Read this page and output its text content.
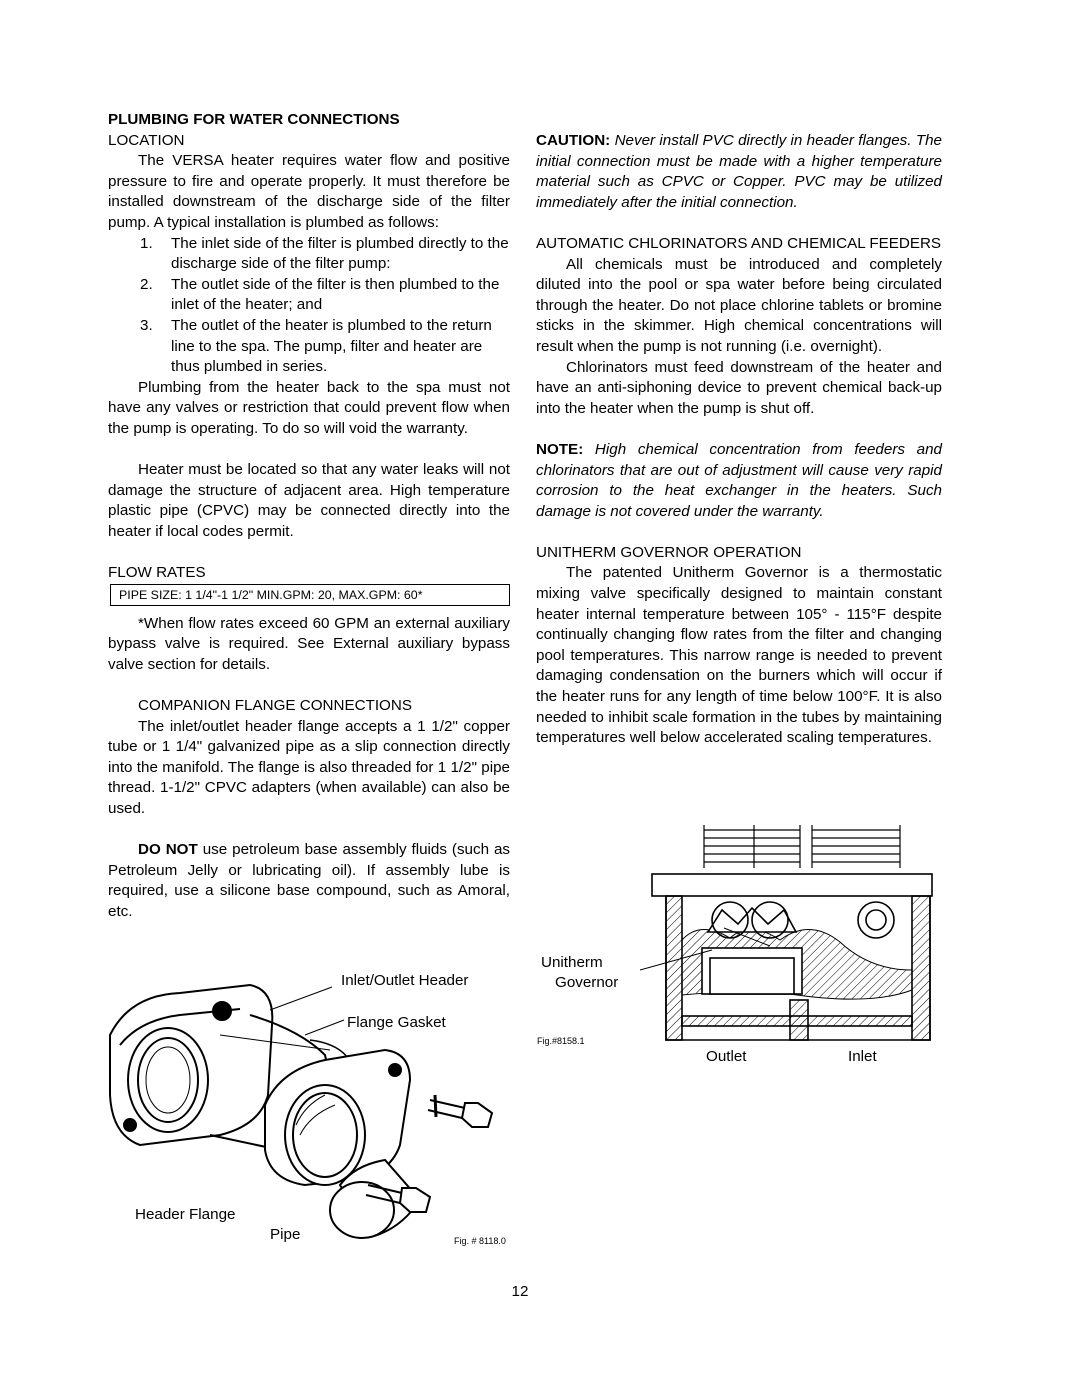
PLUMBING FOR WATER CONNECTIONS

LOCATION

The VERSA heater requires water flow and positive pressure to fire and operate properly. It must therefore be installed downstream of the discharge side of the filter pump. A typical installation is plumbed as follows:

1. The inlet side of the filter is plumbed directly to the discharge side of the filter pump:
2. The outlet side of the filter is then plumbed to the inlet of the heater; and
3. The outlet of the heater is plumbed to the return line to the spa. The pump, filter and heater are thus plumbed in series.

Plumbing from the heater back to the spa must not have any valves or restriction that could prevent flow when the pump is operating. To do so will void the warranty.

Heater must be located so that any water leaks will not damage the structure of adjacent area. High temperature plastic pipe (CPVC) may be connected directly into the heater if local codes permit.

FLOW RATES

PIPE SIZE: 1 1/4"-1 1/2" MIN.GPM: 20, MAX.GPM: 60*

*When flow rates exceed 60 GPM an external auxiliary bypass valve is required. See External auxiliary bypass valve section for details.

COMPANION FLANGE CONNECTIONS

The inlet/outlet header flange accepts a 1 1/2" copper tube or 1 1/4" galvanized pipe as a slip connection directly into the manifold. The flange is also threaded for 1 1/2" pipe thread. 1-1/2" CPVC adapters (when available) can also be used.

DO NOT use petroleum base assembly fluids (such as Petroleum Jelly or lubricating oil). If assembly lube is required, use a silicone base compound, such as Amoral, etc.

CAUTION: Never install PVC directly in header flanges. The initial connection must be made with a higher temperature material such as CPVC or Copper. PVC may be utilized immediately after the initial connection.

AUTOMATIC CHLORINATORS AND CHEMICAL FEEDERS

All chemicals must be introduced and completely diluted into the pool or spa water before being circulated through the heater. Do not place chlorine tablets or bromine sticks in the skimmer. High chemical concentrations will result when the pump is not running (i.e. overnight).

Chlorinators must feed downstream of the heater and have an anti-siphoning device to prevent chemical back-up into the heater when the pump is shut off.

NOTE: High chemical concentration from feeders and chlorinators that are out of adjustment will cause very rapid corrosion to the heat exchanger in the heaters. Such damage is not covered under the warranty.

UNITHERM GOVERNOR OPERATION

The patented Unitherm Governor is a thermostatic mixing valve specifically designed to maintain constant heater internal temperature between 105° - 115°F despite continually changing flow rates from the filter and changing pool temperatures. This narrow range is needed to prevent damaging condensation on the burners which will occur if the heater runs for any length of time below 100°F. It is also needed to inhibit scale formation in the tubes by maintaining temperatures well below accelerated scaling temperatures.

Inlet/Outlet Header
Flange Gasket
Header Flange
Pipe	Fig. # 8118.0
Unitherm
Governor
Outlet	Inlet
Fig.#8158.1
12
